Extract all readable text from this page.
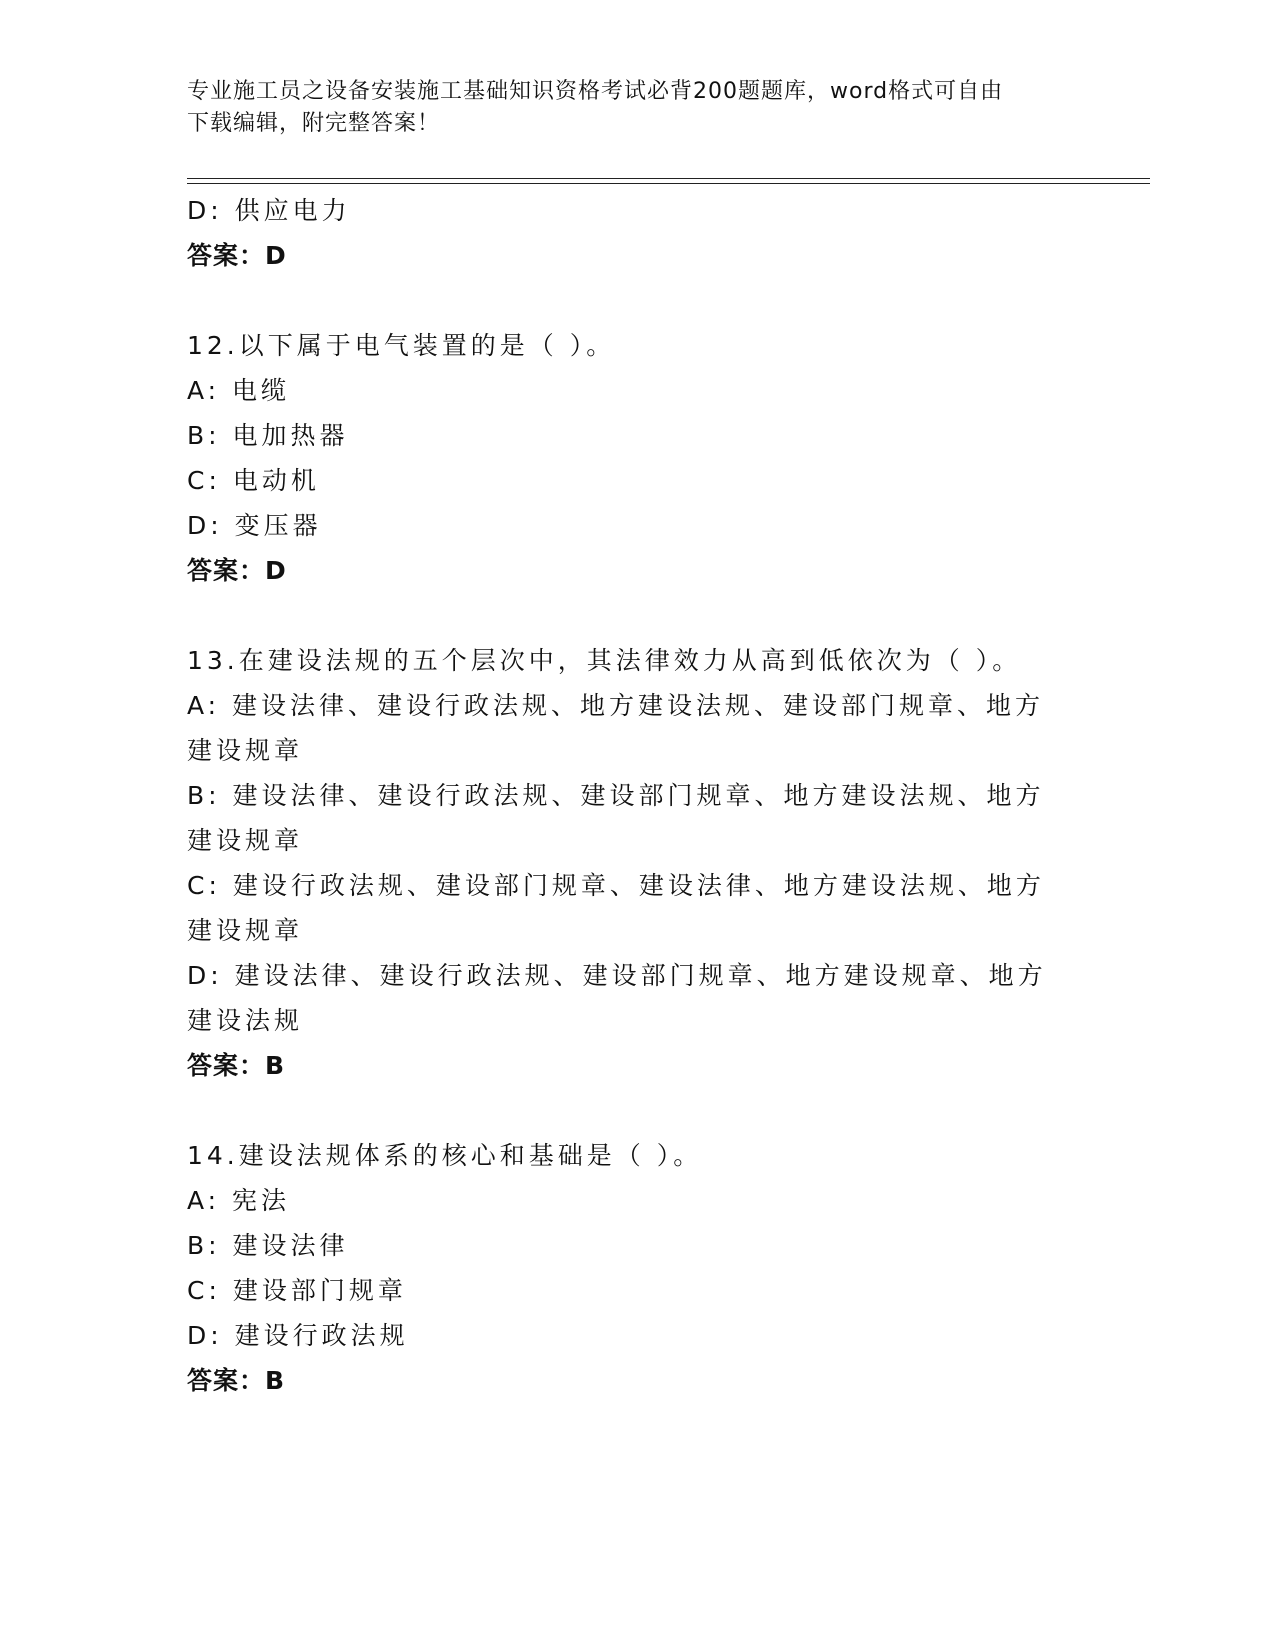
专业施工员之设备安装施工基础知识资格考试必背200题题库，word格式可自由
下载编辑，附完整答案！
D: 供应电力
答案：D
12.以下属于电气装置的是（ ）。
A: 电缆
B: 电加热器
C: 电动机
D: 变压器
答案：D
13.在建设法规的五个层次中，其法律效力从高到低依次为（ ）。
A: 建设法律、建设行政法规、地方建设法规、建设部门规章、地方建设规章
B: 建设法律、建设行政法规、建设部门规章、地方建设法规、地方建设规章
C: 建设行政法规、建设部门规章、建设法律、地方建设法规、地方建设规章
D: 建设法律、建设行政法规、建设部门规章、地方建设规章、地方建设法规
答案：B
14.建设法规体系的核心和基础是（ ）。
A: 宪法
B: 建设法律
C: 建设部门规章
D: 建设行政法规
答案：B
